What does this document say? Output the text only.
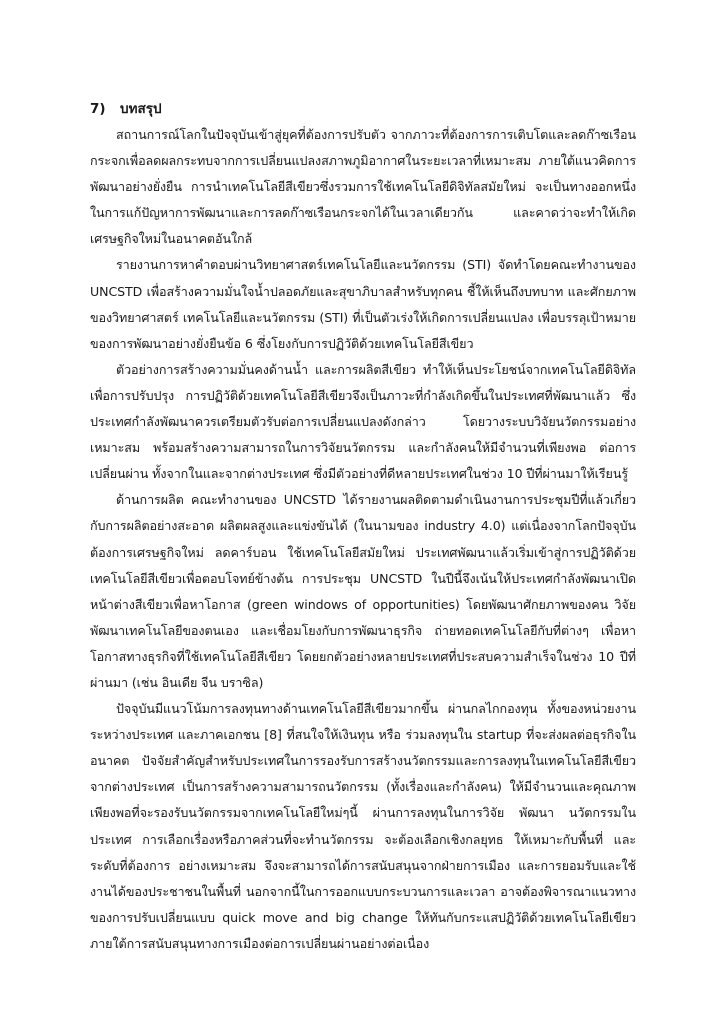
7)	บทสรุป

สถานการณ์โลกในปัจจุบันเข้าสู่ยุคที่ต้องการปรับตัว จากภาวะที่ต้องการการเติบโตและลดก๊าซเรือนกระจกเพื่อลดผลกระทบจากการเปลี่ยนแปลงสภาพภูมิอากาศในระยะเวลาที่เหมาะสม ภายใต้แนวคิดการพัฒนาอย่างยั่งยืน การนำเทคโนโลยีสีเขียวซึ่งรวมการใช้เทคโนโลยีดิจิทัลสมัยใหม่ จะเป็นทางออกหนึ่งในการแก้ปัญหาการพัฒนาและการลดก๊าซเรือนกระจกได้ในเวลาเดียวกัน และคาดว่าจะทำให้เกิดเศรษฐกิจใหม่ในอนาคตอันใกล้

รายงานการหาคำตอบผ่านวิทยาศาสตร์เทคโนโลยีและนวัตกรรม (STI) จัดทำโดยคณะทำงานของ UNCSTD เพื่อสร้างความมั่นใจน้ำปลอดภัยและสุขาภิบาลสำหรับทุกคน ชี้ให้เห็นถึงบทบาท และศักยภาพของวิทยาศาสตร์ เทคโนโลยีและนวัตกรรม (STI) ที่เป็นตัวเร่งให้เกิดการเปลี่ยนแปลง เพื่อบรรลุเป้าหมายของการพัฒนาอย่างยั่งยืนข้อ 6 ซึ่งโยงกับการปฏิวัติด้วยเทคโนโลยีสีเขียว

ตัวอย่างการสร้างความมั่นคงด้านน้ำ และการผลิตสีเขียว ทำให้เห็นประโยชน์จากเทคโนโลยีดิจิทัล เพื่อการปรับปรุง การปฏิวัติด้วยเทคโนโลยีสีเขียวจึงเป็นภาวะที่กำลังเกิดขึ้นในประเทศที่พัฒนาแล้ว ซึ่งประเทศกำลังพัฒนาควรเตรียมตัวรับต่อการเปลี่ยนแปลงดังกล่าว โดยวางระบบวิจัยนวัตกรรมอย่างเหมาะสม พร้อมสร้างความสามารถในการวิจัยนวัตกรรม และกำลังคนให้มีจำนวนที่เพียงพอ ต่อการเปลี่ยนผ่าน ทั้งจากในและจากต่างประเทศ ซึ่งมีตัวอย่างที่ดีหลายประเทศในช่วง 10 ปีที่ผ่านมาให้เรียนรู้

ด้านการผลิต คณะทำงานของ UNCSTD ได้รายงานผลติดตามดำเนินงานการประชุมปีที่แล้วเกี่ยวกับการผลิตอย่างสะอาด ผลิตผลสูงและแข่งขันได้ (ในนามของ industry 4.0) แต่เนื่องจากโลกปัจจุบันต้องการเศรษฐกิจใหม่ ลดคาร์บอน ใช้เทคโนโลยีสมัยใหม่ ประเทศพัฒนาแล้วเริ่มเข้าสู่การปฏิวัติด้วยเทคโนโลยีสีเขียวเพื่อตอบโจทย์ข้างต้น การประชุม UNCSTD ในปีนี้จึงเน้นให้ประเทศกำลังพัฒนาเปิดหน้าต่างสีเขียวเพื่อหาโอกาส (green windows of opportunities) โดยพัฒนาศักยภาพของคน วิจัยพัฒนาเทคโนโลยีของตนเอง และเชื่อมโยงกับการพัฒนาธุรกิจ ถ่ายทอดเทคโนโลยีกับที่ต่างๆ เพื่อหาโอกาสทางธุรกิจที่ใช้เทคโนโลยีสีเขียว โดยยกตัวอย่างหลายประเทศที่ประสบความสำเร็จในช่วง 10 ปีที่ผ่านมา (เช่น อินเดีย จีน บราซิล)

ปัจจุบันมีแนวโน้มการลงทุนทางด้านเทคโนโลยีสีเขียวมากขึ้น ผ่านกลไกกองทุน ทั้งของหน่วยงานระหว่างประเทศ และภาคเอกชน [8] ที่สนใจให้เงินทุน หรือ ร่วมลงทุนใน startup ที่จะส่งผลต่อธุรกิจในอนาคต ปัจจัยสำคัญสำหรับประเทศในการรองรับการสร้างนวัตกรรมและการลงทุนในเทคโนโลยีสีเขียวจากต่างประเทศ เป็นการสร้างความสามารถนวัตกรรม (ทั้งเรื่องและกำลังคน) ให้มีจำนวนและคุณภาพเพียงพอที่จะรองรับนวัตกรรมจากเทคโนโลยีใหม่ๆนี้ ผ่านการลงทุนในการวิจัย พัฒนา นวัตกรรมในประเทศ การเลือกเรื่องหรือภาคส่วนที่จะทำนวัตกรรม จะต้องเลือกเชิงกลยุทธ ให้เหมาะกับพื้นที่ และระดับที่ต้องการ อย่างเหมาะสม จึงจะสามารถได้การสนับสนุนจากฝ่ายการเมือง และการยอมรับและใช้งานได้ของประชาชนในพื้นที่ นอกจากนี้ในการออกแบบกระบวนการและเวลา อาจต้องพิจารณาแนวทางของการปรับเปลี่ยนแบบ quick move and big change ให้ทันกับกระแสปฏิวัติด้วยเทคโนโลยีเขียว ภายใต้การสนับสนุนทางการเมืองต่อการเปลี่ยนผ่านอย่างต่อเนื่อง
